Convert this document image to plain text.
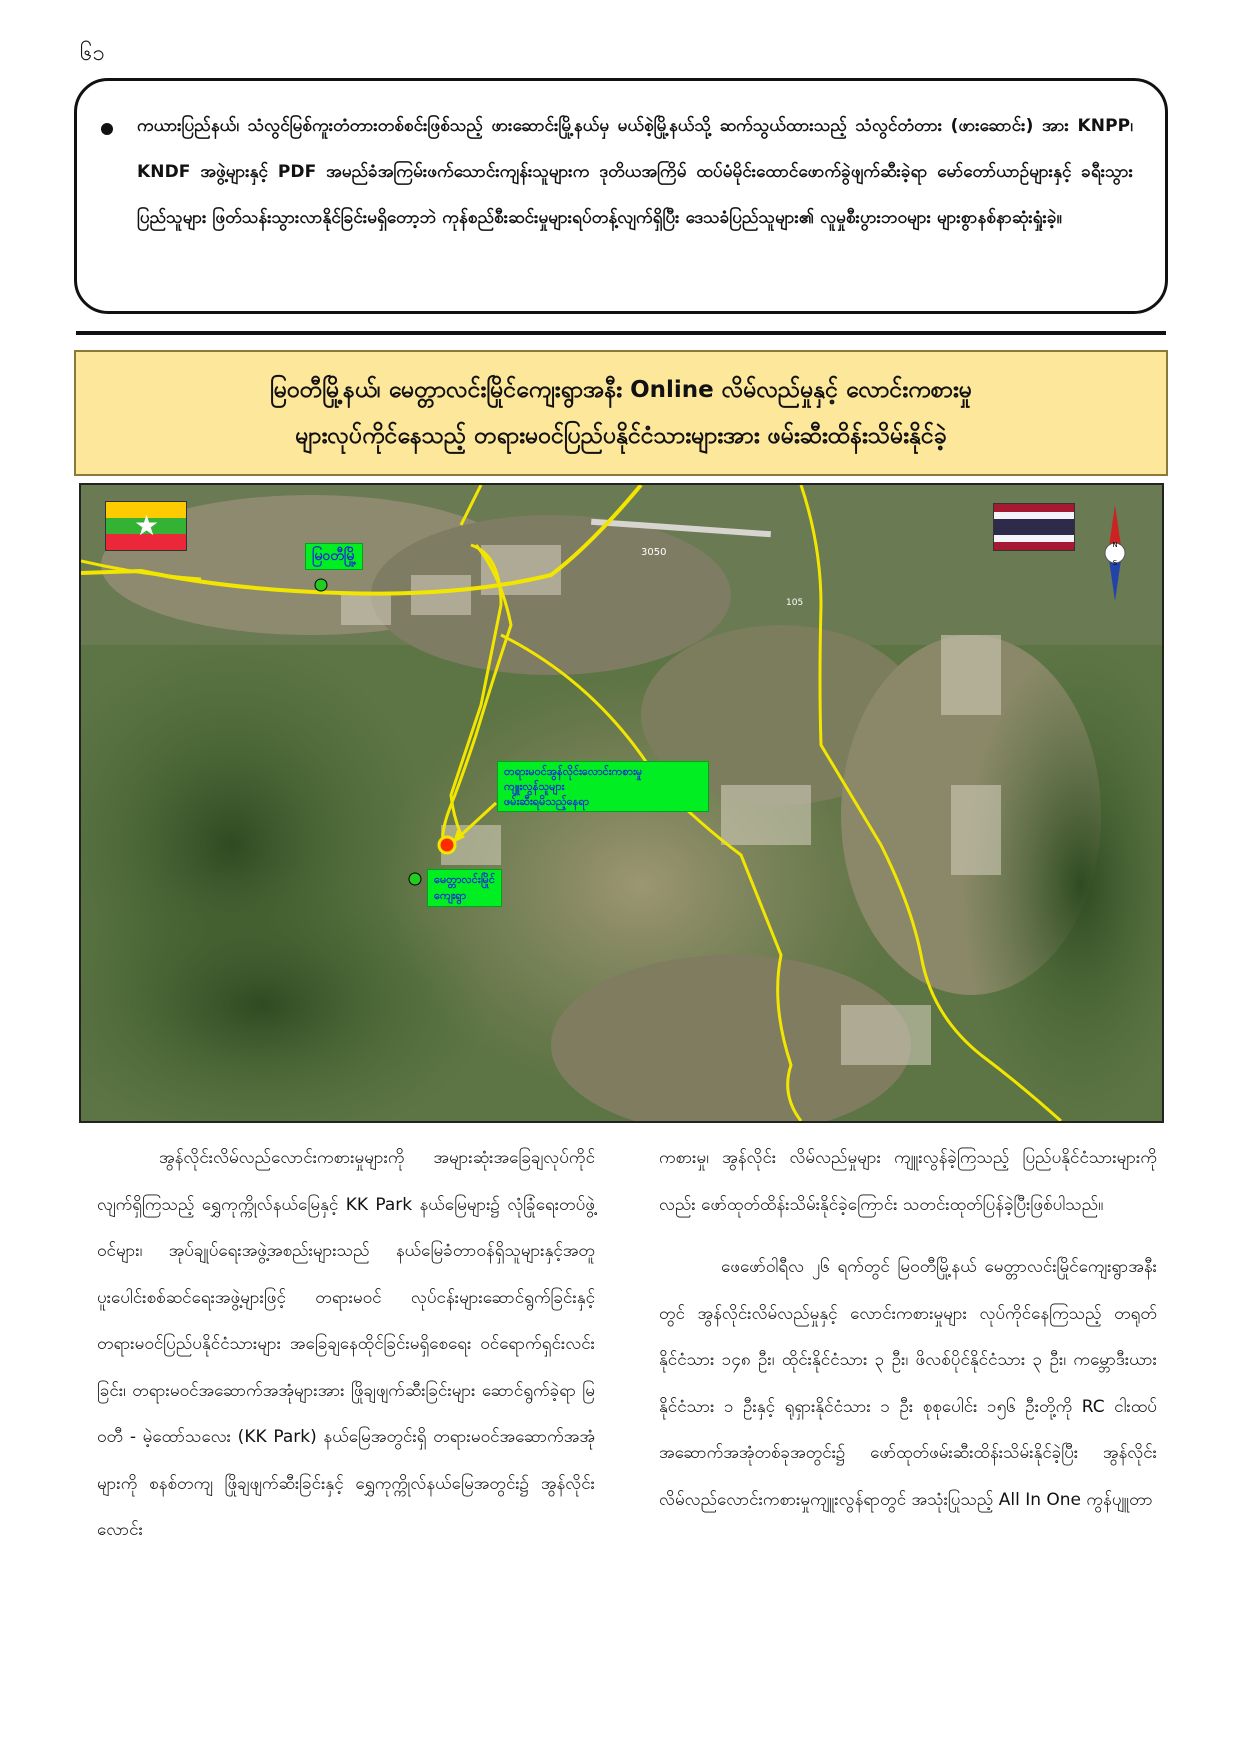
၆၁

ကယားပြည်နယ်၊ သံလွင်မြစ်ကူးတံတားတစ်စင်းဖြစ်သည့် ဖားဆောင်းမြို့နယ်မှ မယ်စဲ့မြို့နယ်သို့ ဆက်သွယ်ထားသည့် သံလွင်တံတား (ဖားဆောင်း) အား KNPP၊ KNDF အဖွဲ့များနှင့် PDF အမည်ခံအကြမ်းဖက်သောင်းကျန်းသူများက ဒုတိယအကြိမ် ထပ်မံမိုင်းထောင်ဖောက်ခွဲဖျက်ဆီးခဲ့ရာ မော်တော်ယာဉ်များနှင့် ခရီးသွားပြည်သူများ ဖြတ်သန်းသွားလာနိုင်ခြင်းမရှိတော့ဘဲ ကုန်စည်စီးဆင်းမှုများရပ်တန့်လျက်ရှိပြီး ဒေသခံပြည်သူများ၏ လူမှုစီးပွားဘဝများ များစွာနစ်နာဆုံးရှုံးခဲ့။

မြဝတီမြို့နယ်၊ မေတ္တာလင်းမြိုင်ကျေးရွာအနီး Online လိမ်လည်မှုနှင့် လောင်းကစားမှု
များလုပ်ကိုင်နေသည့် တရားမဝင်ပြည်ပနိုင်ငံသားများအား ဖမ်းဆီးထိန်းသိမ်းနိုင်ခဲ့
3050
105
★
N
S
မြဝတီမြို့
တရားမဝင်အွန်လိုင်းလောင်းကစားမှု
ကျူးလွန်သူများ
ဖမ်းဆီးရမိသည့်နေရာ
မေတ္တာလင်းမြိုင်
ကျေးရွာ

အွန်လိုင်းလိမ်လည်လောင်းကစားမှုများကို အများဆုံးအခြေချလုပ်ကိုင်လျက်ရှိကြသည့် ရွှေကုက္ကိုလ်နယ်မြေနှင့် KK Park နယ်မြေများ၌ လုံခြုံရေးတပ်ဖွဲ့ဝင်များ၊ အုပ်ချုပ်ရေးအဖွဲ့အစည်းများသည် နယ်မြေခံတာဝန်ရှိသူများနှင့်အတူ ပူးပေါင်းစစ်ဆင်ရေးအဖွဲ့များဖြင့် တရားမဝင် လုပ်ငန်းများဆောင်ရွက်ခြင်းနှင့် တရားမဝင်ပြည်ပနိုင်ငံသားများ အခြေချနေထိုင်ခြင်းမရှိစေရေး ဝင်ရောက်ရှင်းလင်းခြင်း၊ တရားမဝင်အဆောက်အအုံများအား ဖြိုချဖျက်ဆီးခြင်းများ ဆောင်ရွက်ခဲ့ရာ မြဝတီ - မဲ့ထော်သလေး (KK Park) နယ်မြေအတွင်းရှိ တရားမဝင်အဆောက်အအုံများကို စနစ်တကျ ဖြိုချဖျက်ဆီးခြင်းနှင့် ရွှေကုက္ကိုလ်နယ်မြေအတွင်း၌ အွန်လိုင်းလောင်း

ကစားမှု၊ အွန်လိုင်း လိမ်လည်မှုများ ကျူးလွန်ခဲ့ကြသည့် ပြည်ပနိုင်ငံသားများကိုလည်း ဖော်ထုတ်ထိန်းသိမ်းနိုင်ခဲ့ကြောင်း သတင်းထုတ်ပြန်ခဲ့ပြီးဖြစ်ပါသည်။

ဖေဖော်ဝါရီလ ၂၆ ရက်တွင် မြဝတီမြို့နယ် မေတ္တာလင်းမြိုင်ကျေးရွာအနီးတွင် အွန်လိုင်းလိမ်လည်မှုနှင့် လောင်းကစားမှုများ လုပ်ကိုင်နေကြသည့် တရုတ်နိုင်ငံသား ၁၄၈ ဦး၊ ထိုင်းနိုင်ငံသား ၃ ဦး၊ ဖိလစ်ပိုင်နိုင်ငံသား ၃ ဦး၊ ကမ္ဘောဒီးယားနိုင်ငံသား ၁ ဦးနှင့် ရုရှားနိုင်ငံသား ၁ ဦး စုစုပေါင်း ၁၅၆ ဦးတို့ကို RC ငါးထပ်အဆောက်အအုံတစ်ခုအတွင်း၌ ဖော်ထုတ်ဖမ်းဆီးထိန်းသိမ်းနိုင်ခဲ့ပြီး အွန်လိုင်းလိမ်လည်လောင်းကစားမှုကျူးလွန်ရာတွင် အသုံးပြုသည့် All In One ကွန်ပျူတာ
